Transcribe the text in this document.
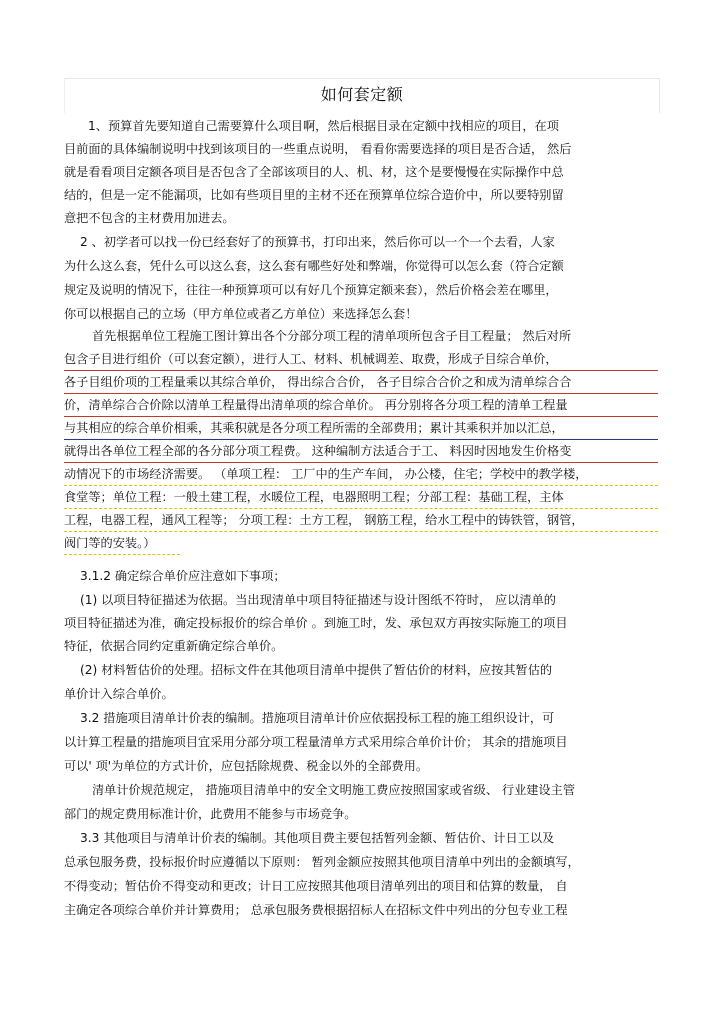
如何套定额
1、预算首先要知道自己需要算什么项目啊，然后根据目录在定额中找相应的项目，在项
目前面的具体编制说明中找到该项目的一些重点说明， 看看你需要选择的项目是否合适， 然后
就是看看项目定额各项目是否包含了全部该项目的人、机、材，这个是要慢慢在实际操作中总
结的，但是一定不能漏项，比如有些项目里的主材不还在预算单位综合造价中，所以要特别留
意把不包含的主材费用加进去。
2 、初学者可以找一份已经套好了的预算书，打印出来，然后你可以一个一个去看，人家
为什么这么套，凭什么可以这么套，这么套有哪些好处和弊端，你觉得可以怎么套（符合定额
规定及说明的情况下，往往一种预算项可以有好几个预算定额来套），然后价格会差在哪里，
你可以根据自己的立场（甲方单位或者乙方单位）来选择怎么套！
首先根据单位工程施工图计算出各个分部分项工程的清单项所包含子目工程量； 然后对所
包含子目进行组价（可以套定额），进行人工、材料、机械调差、取费，形成子目综合单价，
各子目组价项的工程量乘以其综合单价， 得出综合合价， 各子目综合合价之和成为清单综合合
价，清单综合合价除以清单工程量得出清单项的综合单价。 再分别将各分项工程的清单工程量
与其相应的综合单价相乘，其乘积就是各分项工程所需的全部费用；累计其乘积并加以汇总，
就得出各单位工程全部的各分部分项工程费。 这种编制方法适合于工、 料因时因地发生价格变
动情况下的市场经济需要。 （单项工程： 工厂中的生产车间， 办公楼，住宅；学校中的教学楼，
食堂等；单位工程：一般土建工程，水暖位工程，电器照明工程；分部工程：基础工程，主体
工程，电器工程，通风工程等； 分项工程：土方工程， 钢筋工程，给水工程中的铸铁管，钢管，
阀门等的安装。）
3.1.2 确定综合单价应注意如下事项；
(1) 以项目特征描述为依据。当出现清单中项目特征描述与设计图纸不符时， 应以清单的
项目特征描述为准，确定投标报价的综合单价 。到施工时，发、承包双方再按实际施工的项目
特征，依据合同约定重新确定综合单价。
(2) 材料暂估价的处理。招标文件在其他项目清单中提供了暂估价的材料，应按其暂估的
单价计入综合单价。
3.2 措施项目清单计价表的编制。措施项目清单计价应依据投标工程的施工组织设计，可
以计算工程量的措施项目宜采用分部分项工程量清单方式采用综合单价计价； 其余的措施项目
可以' 项'为单位的方式计价，应包括除规费、税金以外的全部费用。
清单计价规范规定， 措施项目清单中的安全文明施工费应按照国家或省级、 行业建设主管
部门的规定费用标准计价，此费用不能参与市场竞争。
3.3 其他项目与清单计价表的编制。其他项目费主要包括暂列金额、暂估价、计日工以及
总承包服务费，投标报价时应遵循以下原则： 暂列金额应按照其他项目清单中列出的金额填写，
不得变动；暂估价不得变动和更改；计日工应按照其他项目清单列出的项目和估算的数量， 自
主确定各项综合单价并计算费用； 总承包服务费根据招标人在招标文件中列出的分包专业工程
